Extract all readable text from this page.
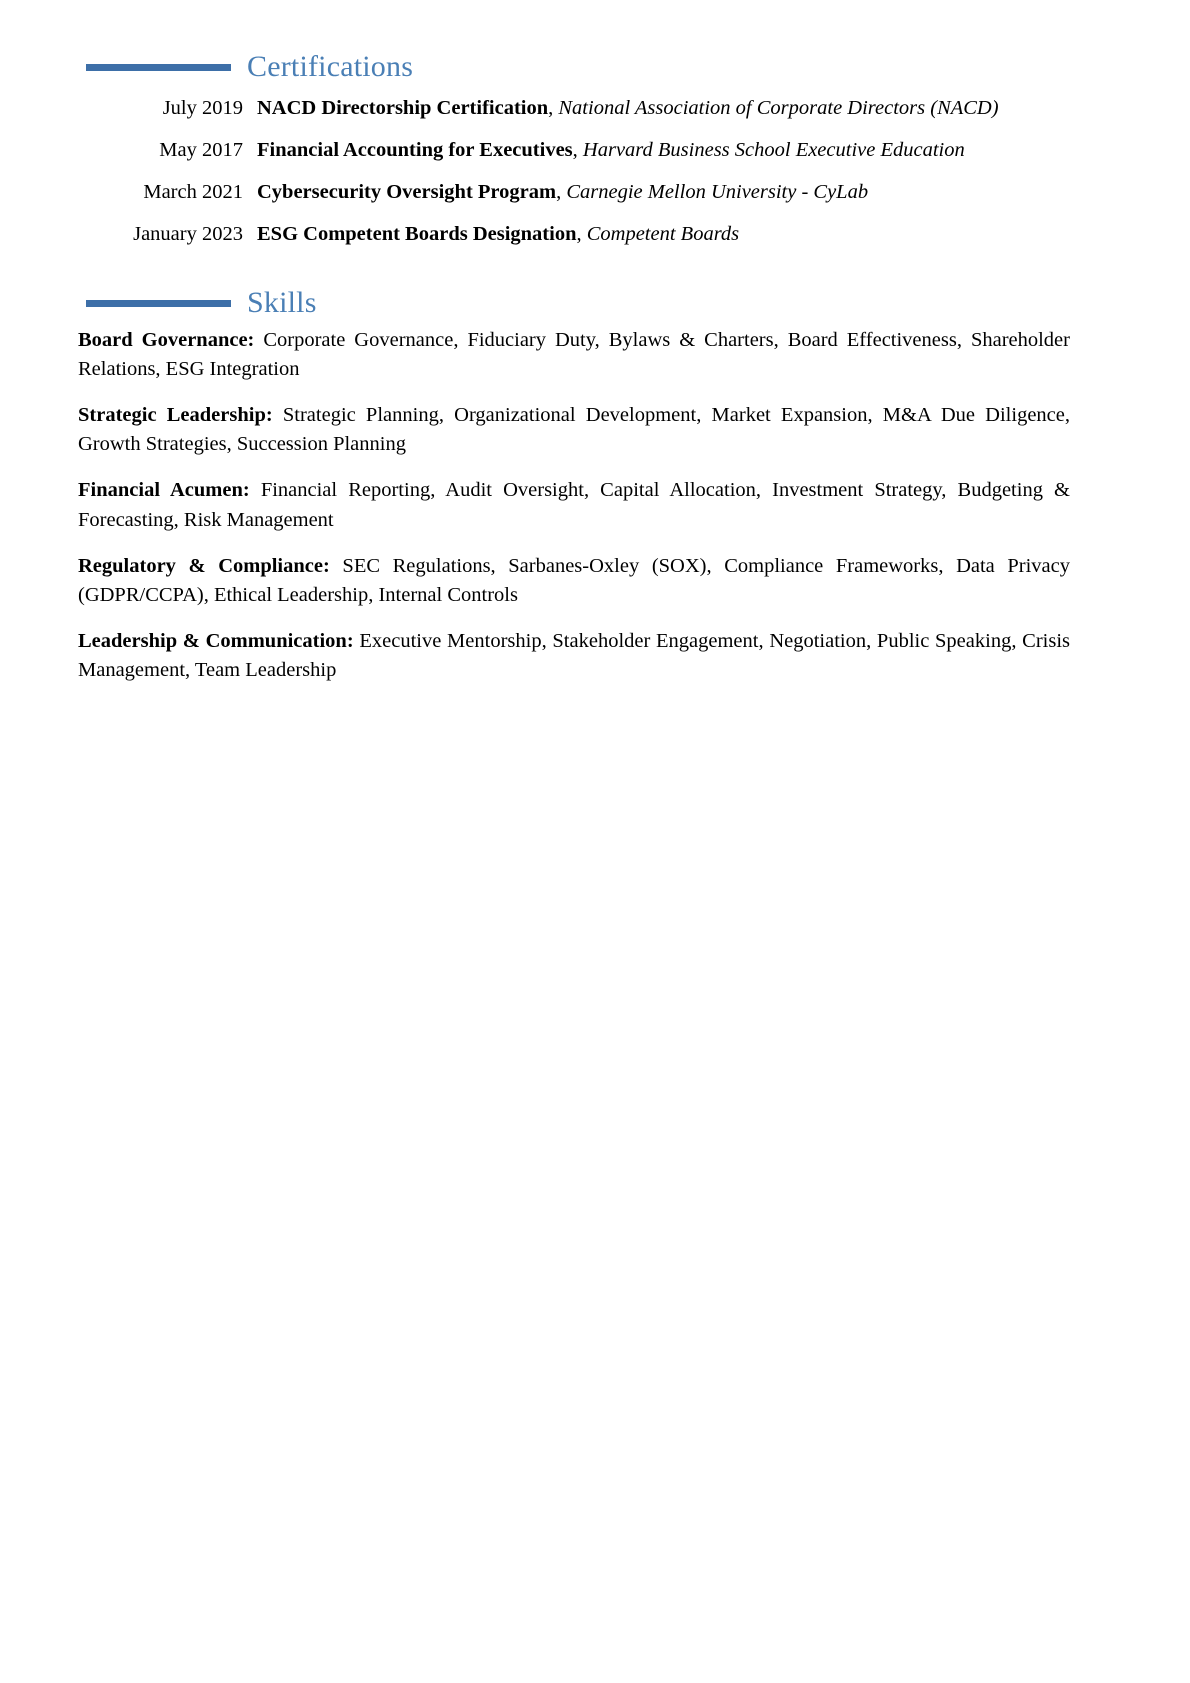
Certifications
July 2019 NACD Directorship Certification, National Association of Corporate Directors (NACD)
May 2017 Financial Accounting for Executives, Harvard Business School Executive Education
March 2021 Cybersecurity Oversight Program, Carnegie Mellon University - CyLab
January 2023 ESG Competent Boards Designation, Competent Boards
Skills

Board Governance: Corporate Governance, Fiduciary Duty, Bylaws & Charters, Board Effectiveness, Shareholder Relations, ESG Integration

Strategic Leadership: Strategic Planning, Organizational Development, Market Expansion, M&A Due Diligence, Growth Strategies, Succession Planning

Financial Acumen: Financial Reporting, Audit Oversight, Capital Allocation, Investment Strategy, Budgeting & Forecasting, Risk Management

Regulatory & Compliance: SEC Regulations, Sarbanes-Oxley (SOX), Compliance Frameworks, Data Privacy (GDPR/CCPA), Ethical Leadership, Internal Controls

Leadership & Communication: Executive Mentorship, Stakeholder Engagement, Negotiation, Public Speaking, Crisis Management, Team Leadership
